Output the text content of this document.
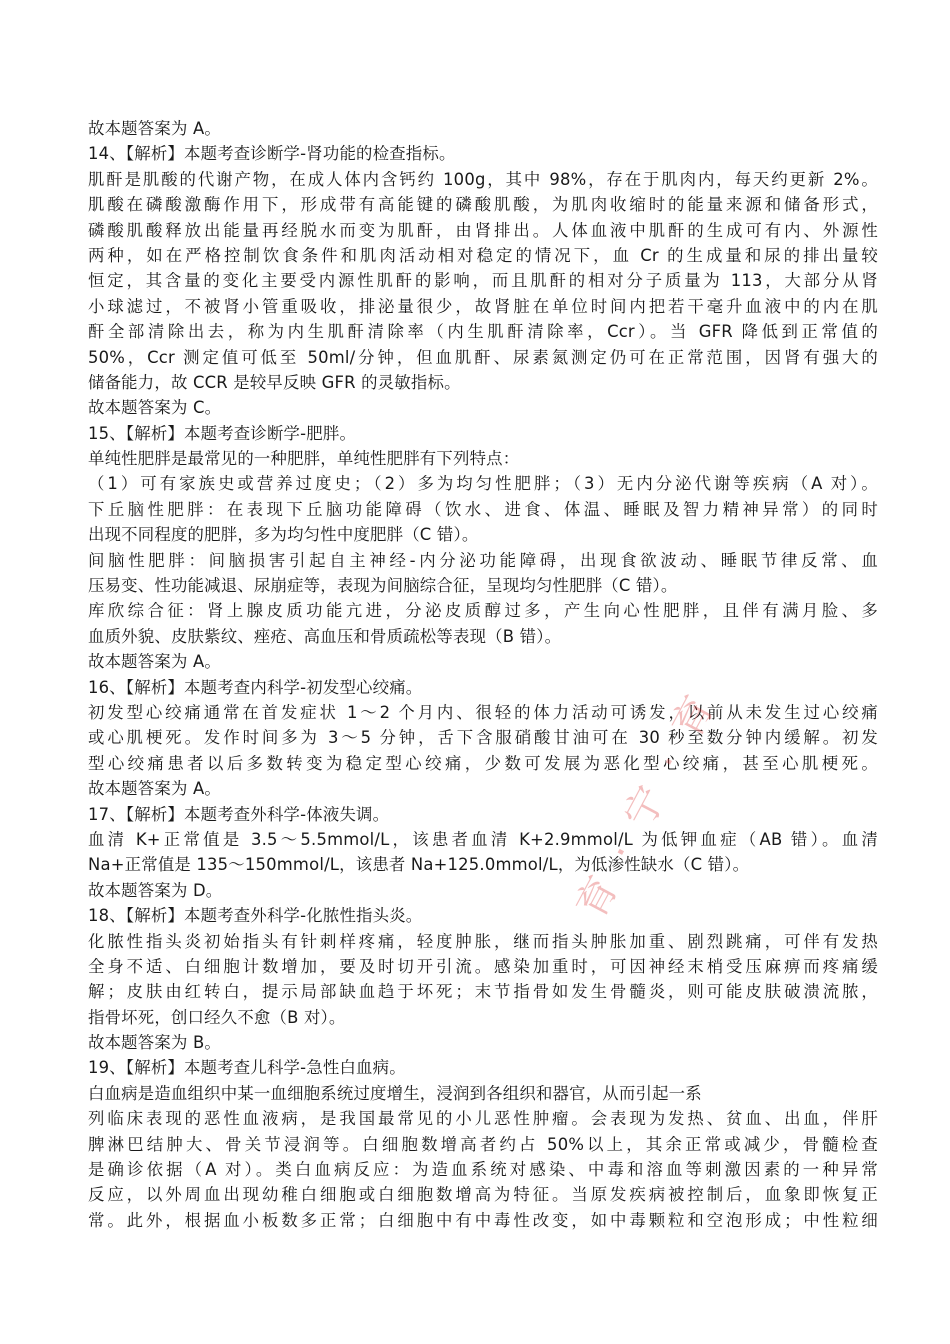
故本题答案为 A。
14、【解析】本题考查诊断学-肾功能的检查指标。
肌酐是肌酸的代谢产物，在成人体内含钙约 100g，其中 98%，存在于肌肉内，每天约更新 2%。
肌酸在磷酸激酶作用下，形成带有高能键的磷酸肌酸，为肌肉收缩时的能量来源和储备形式，
磷酸肌酸释放出能量再经脱水而变为肌酐，由肾排出。人体血液中肌酐的生成可有内、外源性
两种，如在严格控制饮食条件和肌肉活动相对稳定的情况下，血 Cr 的生成量和尿的排出量较
恒定，其含量的变化主要受内源性肌酐的影响，而且肌酐的相对分子质量为 113，大部分从肾
小球滤过，不被肾小管重吸收，排泌量很少，故肾脏在单位时间内把若干毫升血液中的内在肌
酐全部清除出去，称为内生肌酐清除率（内生肌酐清除率，Ccr）。当 GFR 降低到正常值的
50%，Ccr 测定值可低至 50ml/分钟，但血肌酐、尿素氮测定仍可在正常范围，因肾有强大的
储备能力，故 CCR 是较早反映 GFR 的灵敏指标。
故本题答案为 C。
15、【解析】本题考查诊断学-肥胖。
单纯性肥胖是最常见的一种肥胖，单纯性肥胖有下列特点：
（1）可有家族史或营养过度史；（2）多为均匀性肥胖；（3）无内分泌代谢等疾病（A 对）。
下丘脑性肥胖：在表现下丘脑功能障碍（饮水、进食、体温、睡眠及智力精神异常）的同时
出现不同程度的肥胖，多为均匀性中度肥胖（C 错）。
间脑性肥胖：间脑损害引起自主神经-内分泌功能障碍，出现食欲波动、睡眠节律反常、血
压易变、性功能减退、尿崩症等，表现为间脑综合征，呈现均匀性肥胖（C 错）。
库欣综合征：肾上腺皮质功能亢进，分泌皮质醇过多，产生向心性肥胖，且伴有满月脸、多
血质外貌、皮肤紫纹、痤疮、高血压和骨质疏松等表现（B 错）。
故本题答案为 A。
16、【解析】本题考查内科学-初发型心绞痛。
初发型心绞痛通常在首发症状 1～2 个月内、很轻的体力活动可诱发，以前从未发生过心绞痛
或心肌梗死。发作时间多为 3～5 分钟，舌下含服硝酸甘油可在 30 秒至数分钟内缓解。初发
型心绞痛患者以后多数转变为稳定型心绞痛，少数可发展为恶化型心绞痛，甚至心肌梗死。
故本题答案为 A。
17、【解析】本题考查外科学-体液失调。
血清 K+正常值是 3.5～5.5mmol/L，该患者血清 K+2.9mmol/L 为低钾血症（AB 错）。血清
Na+正常值是 135～150mmol/L，该患者 Na+125.0mmol/L，为低渗性缺水（C 错）。
故本题答案为 D。
18、【解析】本题考查外科学-化脓性指头炎。
化脓性指头炎初始指头有针刺样疼痛，轻度肿胀，继而指头肿胀加重、剧烈跳痛，可伴有发热
全身不适、白细胞计数增加，要及时切开引流。感染加重时，可因神经末梢受压麻痹而疼痛缓
解；皮肤由红转白，提示局部缺血趋于坏死；末节指骨如发生骨髓炎，则可能皮肤破溃流脓，
指骨坏死，创口经久不愈（B 对）。
故本题答案为 B。
19、【解析】本题考查儿科学-急性白血病。
白血病是造血组织中某一血细胞系统过度增生，浸润到各组织和器官，从而引起一系
列临床表现的恶性血液病，是我国最常见的小儿恶性肿瘤。会表现为发热、贫血、出血，伴肝
脾淋巴结肿大、骨关节浸润等。白细胞数增高者约占 50%以上，其余正常或减少，骨髓检查
是确诊依据（A 对）。类白血病反应：为造血系统对感染、中毒和溶血等刺激因素的一种异常
反应，以外周血出现幼稚白细胞或白细胞数增高为特征。当原发疾病被控制后，血象即恢复正
常。此外，根据血小板数多正常；白细胞中有中毒性改变，如中毒颗粒和空泡形成；中性粒细
育 · 宁 · 育
